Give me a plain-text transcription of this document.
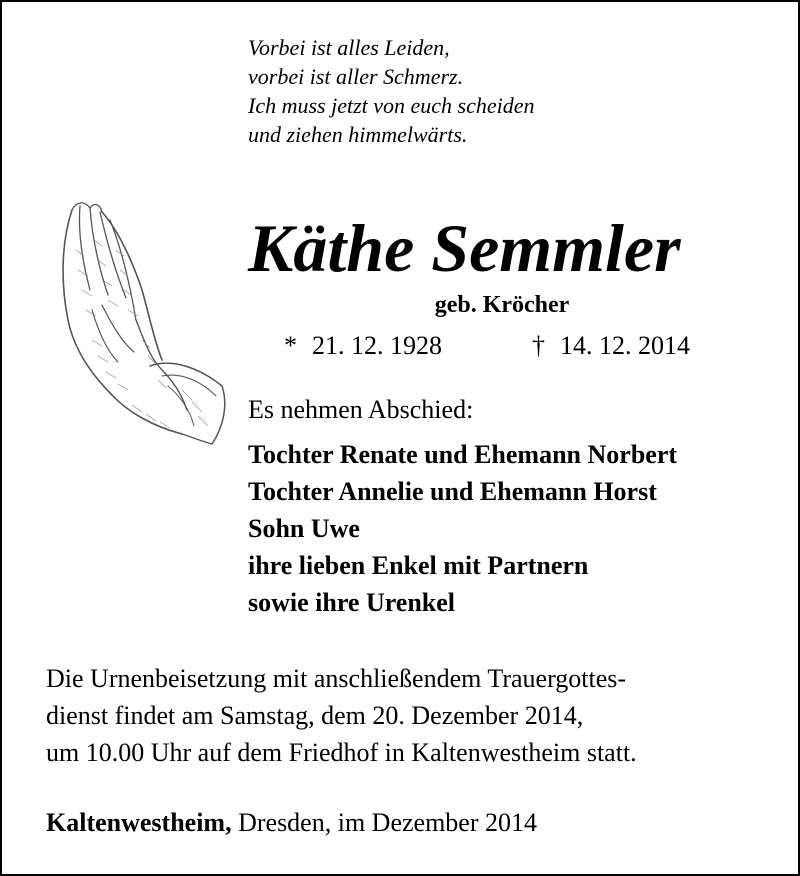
Vorbei ist alles Leiden,
vorbei ist aller Schmerz.
Ich muss jetzt von euch scheiden
und ziehen himmelwärts.
Käthe Semmler
geb. Kröcher
* 21. 12. 1928	† 14. 12. 2014
Es nehmen Abschied:
Tochter Renate und Ehemann Norbert
Tochter Annelie und Ehemann Horst
Sohn Uwe
ihre lieben Enkel mit Partnern
sowie ihre Urenkel
Die Urnenbeisetzung mit anschließendem Trauergottes-
dienst findet am Samstag, dem 20. Dezember 2014,
um 10.00 Uhr auf dem Friedhof in Kaltenwestheim statt.
Kaltenwestheim, Dresden, im Dezember 2014
